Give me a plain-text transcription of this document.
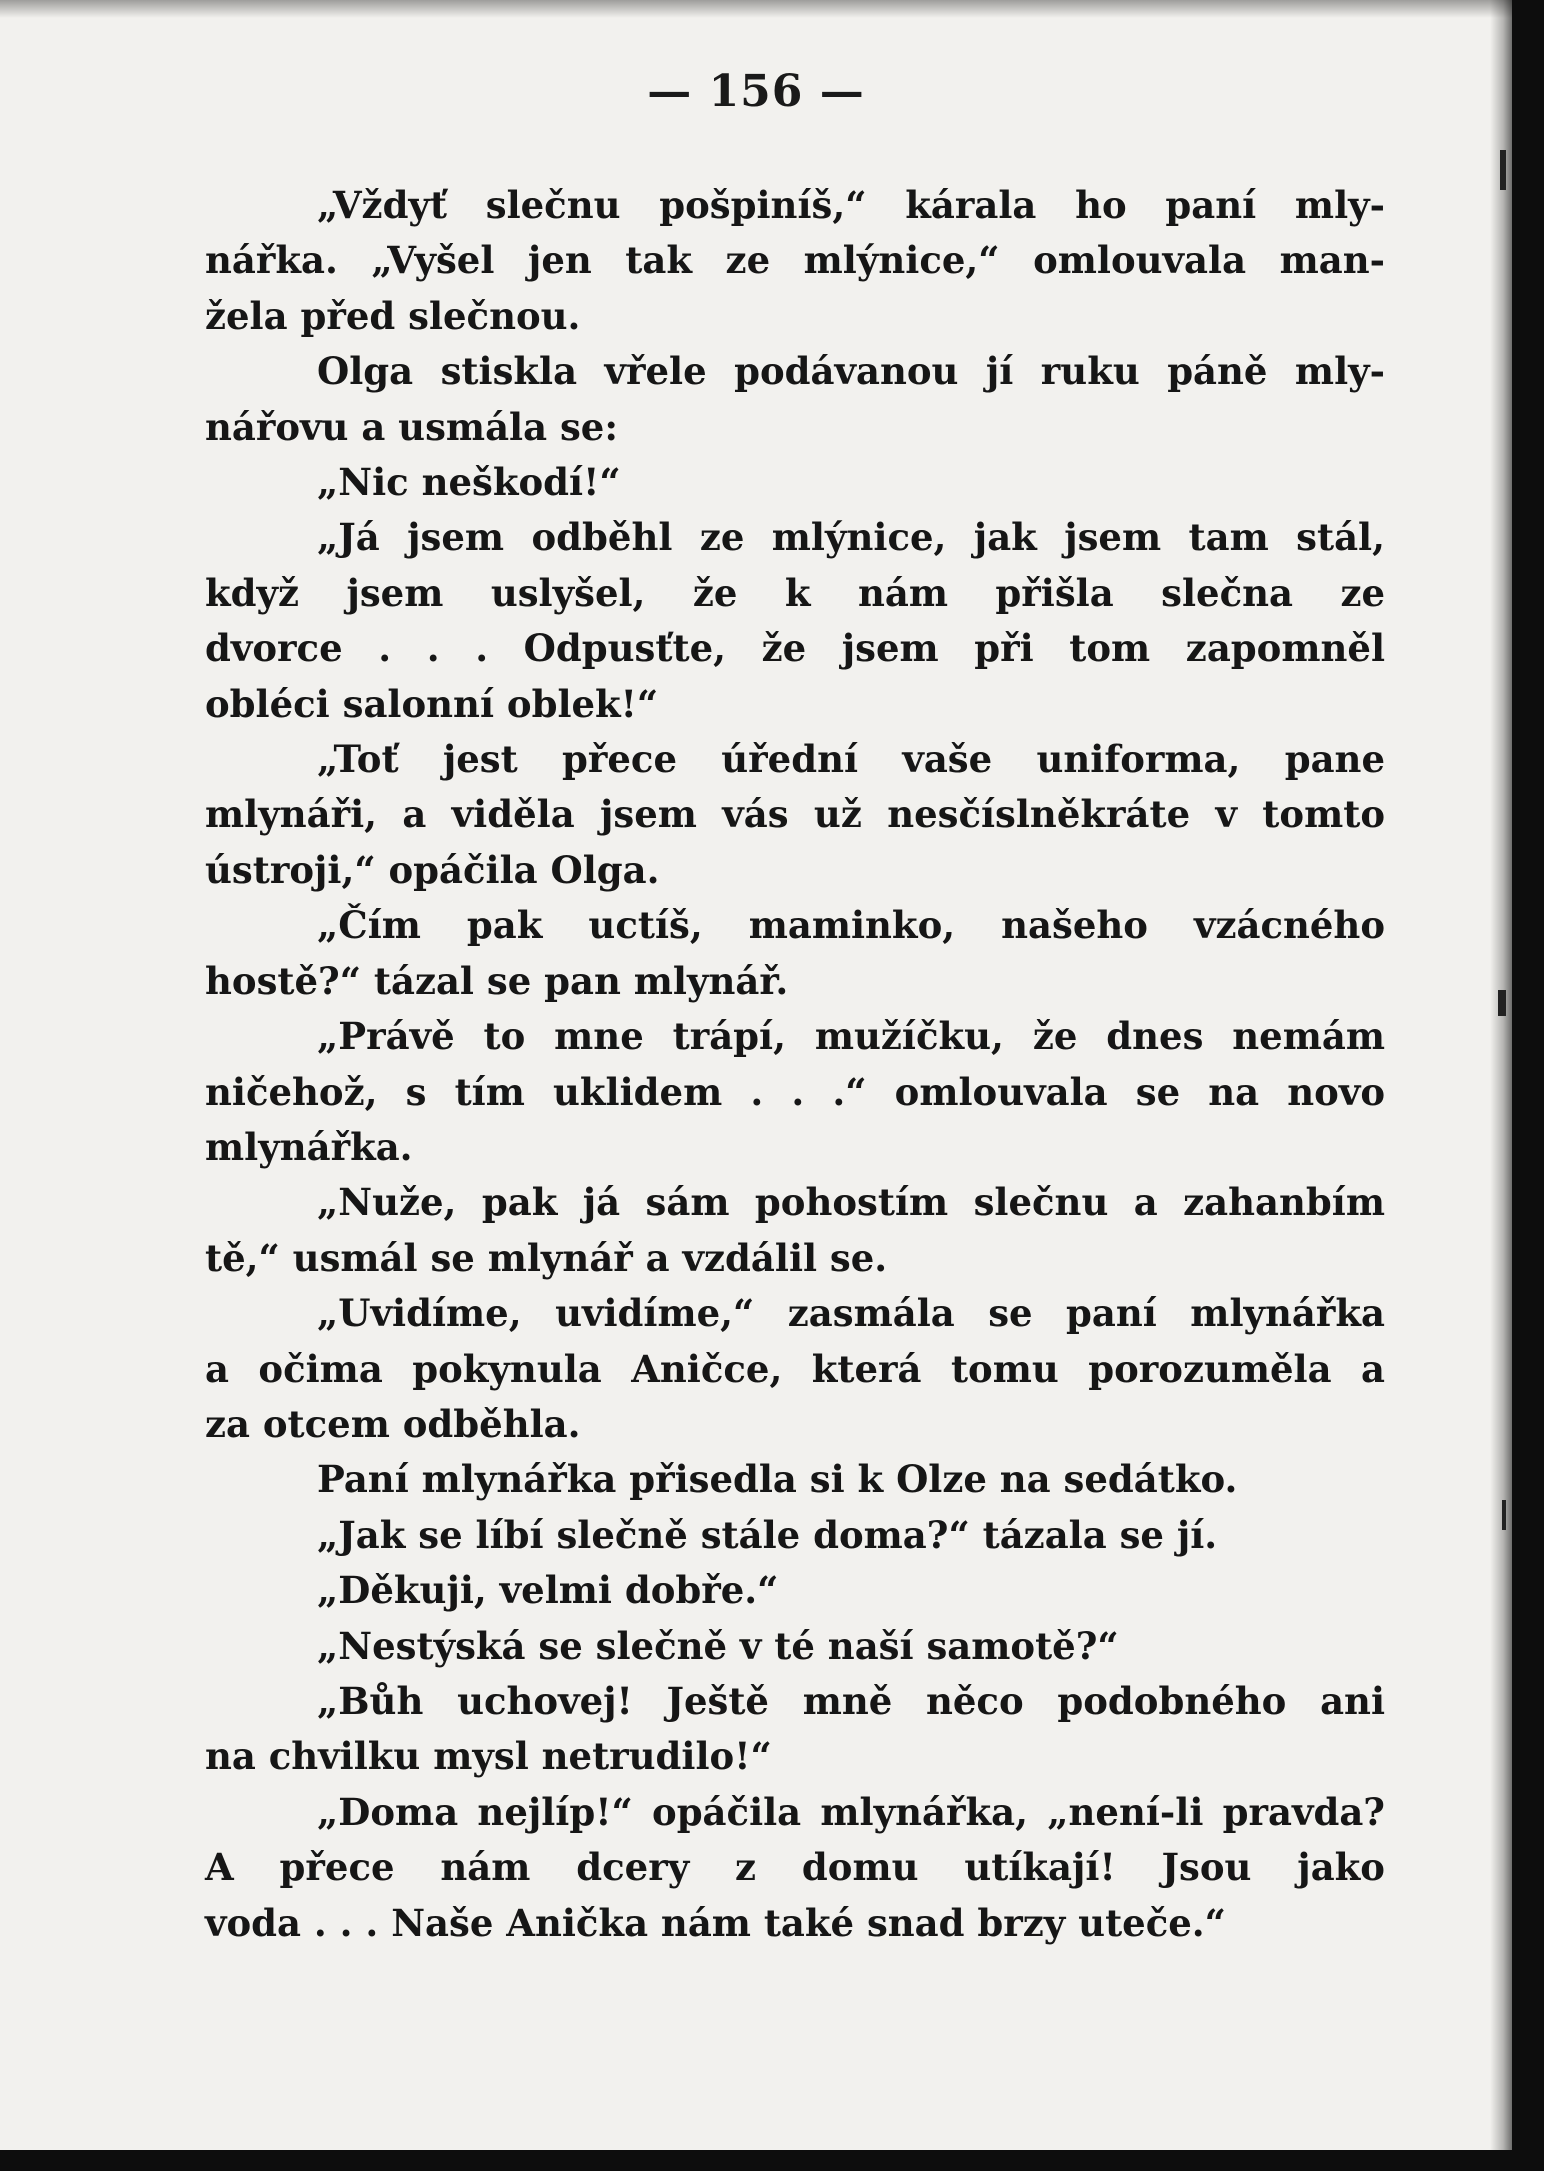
— 156 —
„Vždyť slečnu pošpiníš,“ kárala ho paní mly-
nářka. „Vyšel jen tak ze mlýnice,“ omlouvala man-
žela před slečnou.
Olga stiskla vřele podávanou jí ruku páně mly-
nářovu a usmála se:
„Nic neškodí!“
„Já jsem odběhl ze mlýnice, jak jsem tam stál,
když jsem uslyšel, že k nám přišla slečna ze
dvorce . . . Odpusťte, že jsem při tom zapomněl
obléci salonní oblek!“
„Toť jest přece úřední vaše uniforma, pane
mlynáři, a viděla jsem vás už nesčíslněkráte v tomto
ústroji,“ opáčila Olga.
„Čím pak uctíš, maminko, našeho vzácného
hostě?“ tázal se pan mlynář.
„Právě to mne trápí, mužíčku, že dnes nemám
ničehož, s tím uklidem . . .“ omlouvala se na novo
mlynářka.
„Nuže, pak já sám pohostím slečnu a zahanbím
tě,“ usmál se mlynář a vzdálil se.
„Uvidíme, uvidíme,“ zasmála se paní mlynářka
a očima pokynula Aničce, která tomu porozuměla a
za otcem odběhla.
Paní mlynářka přisedla si k Olze na sedátko.
„Jak se líbí slečně stále doma?“ tázala se jí.
„Děkuji, velmi dobře.“
„Nestýská se slečně v té naší samotě?“
„Bůh uchovej! Ještě mně něco podobného ani
na chvilku mysl netrudilo!“
„Doma nejlíp!“ opáčila mlynářka, „není-li pravda?
A přece nám dcery z domu utíkají! Jsou jako
voda . . . Naše Anička nám také snad brzy uteče.“
